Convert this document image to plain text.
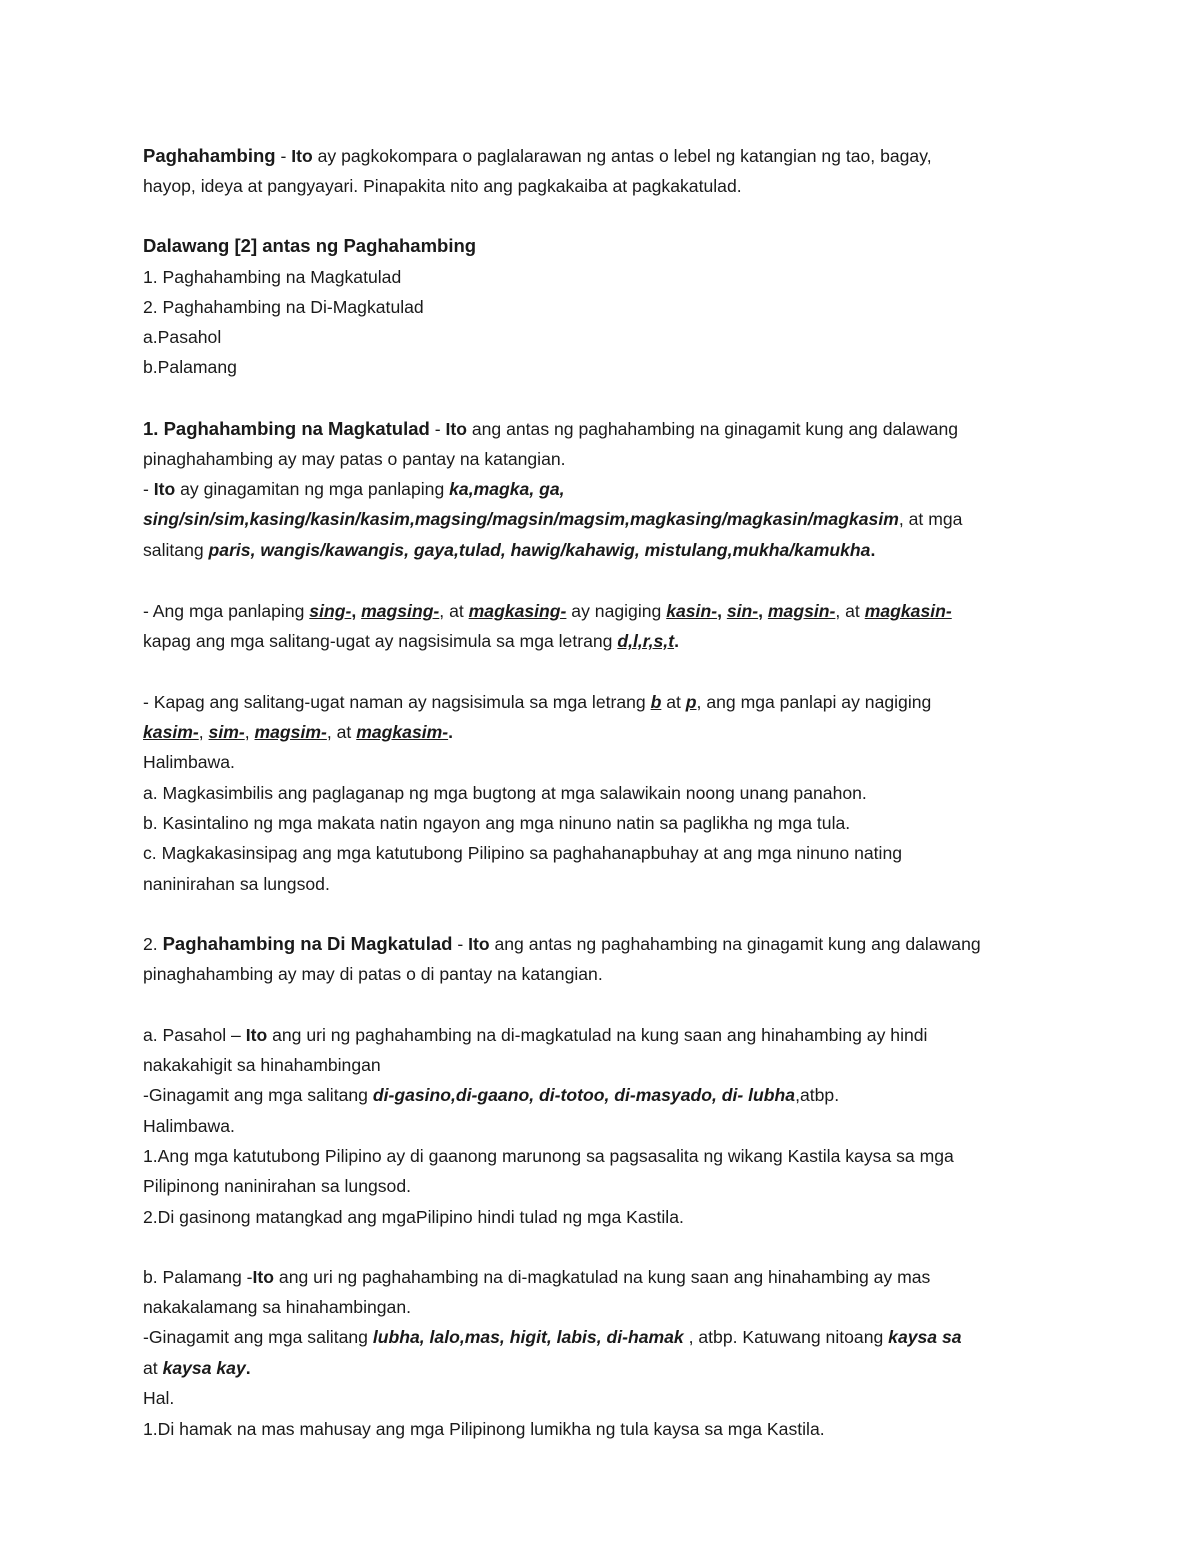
Paghahambing - Ito ay pagkokompara o paglalarawan ng antas o lebel ng katangian ng tao, bagay,
hayop, ideya at pangyayari. Pinapakita nito ang pagkakaiba at pagkakatulad.
Dalawang [2] antas ng Paghahambing
1. Paghahambing na Magkatulad
2. Paghahambing na Di-Magkatulad
a.Pasahol
b.Palamang
1. Paghahambing na Magkatulad - Ito ang antas ng paghahambing na ginagamit kung ang dalawang
pinaghahambing ay may patas o pantay na katangian.
- Ito ay ginagamitan ng mga panlaping ka,magka, ga,
sing/sin/sim,kasing/kasin/kasim,magsing/magsin/magsim,magkasing/magkasin/magkasim, at mga
salitang paris, wangis/kawangis, gaya,tulad, hawig/kahawig, mistulang,mukha/kamukha.
- Ang mga panlaping sing-, magsing-, at magkasing- ay nagiging kasin-, sin-, magsin-, at magkasin-
kapag ang mga salitang-ugat ay nagsisimula sa mga letrang d,l,r,s,t.
- Kapag ang salitang-ugat naman ay nagsisimula sa mga letrang b at p, ang mga panlapi ay nagiging
kasim-, sim-, magsim-, at magkasim-.
Halimbawa.
a. Magkasimbilis ang paglaganap ng mga bugtong at mga salawikain noong unang panahon.
b. Kasintalino ng mga makata natin ngayon ang mga ninuno natin sa paglikha ng mga tula.
c. Magkakasinsipag ang mga katutubong Pilipino sa paghahanapbuhay at ang mga ninuno nating
naninirahan sa lungsod.
2. Paghahambing na Di Magkatulad - Ito ang antas ng paghahambing na ginagamit kung ang dalawang
pinaghahambing ay may di patas o di pantay na katangian.
a. Pasahol – Ito ang uri ng paghahambing na di-magkatulad na kung saan ang hinahambing ay hindi
nakakahigit sa hinahambingan
-Ginagamit ang mga salitang di-gasino,di-gaano, di-totoo, di-masyado, di- lubha,atbp.
Halimbawa.
1.Ang mga katutubong Pilipino ay di gaanong marunong sa pagsasalita ng wikang Kastila kaysa sa mga
Pilipinong naninirahan sa lungsod.
2.Di gasinong matangkad ang mgaPilipino hindi tulad ng mga Kastila.
b. Palamang -Ito ang uri ng paghahambing na di-magkatulad na kung saan ang hinahambing ay mas
nakakalamang sa hinahambingan.
-Ginagamit ang mga salitang lubha, lalo,mas, higit, labis, di-hamak , atbp. Katuwang nitoang kaysa sa
at kaysa kay.
Hal.
1.Di hamak na mas mahusay ang mga Pilipinong lumikha ng tula kaysa sa mga Kastila.
